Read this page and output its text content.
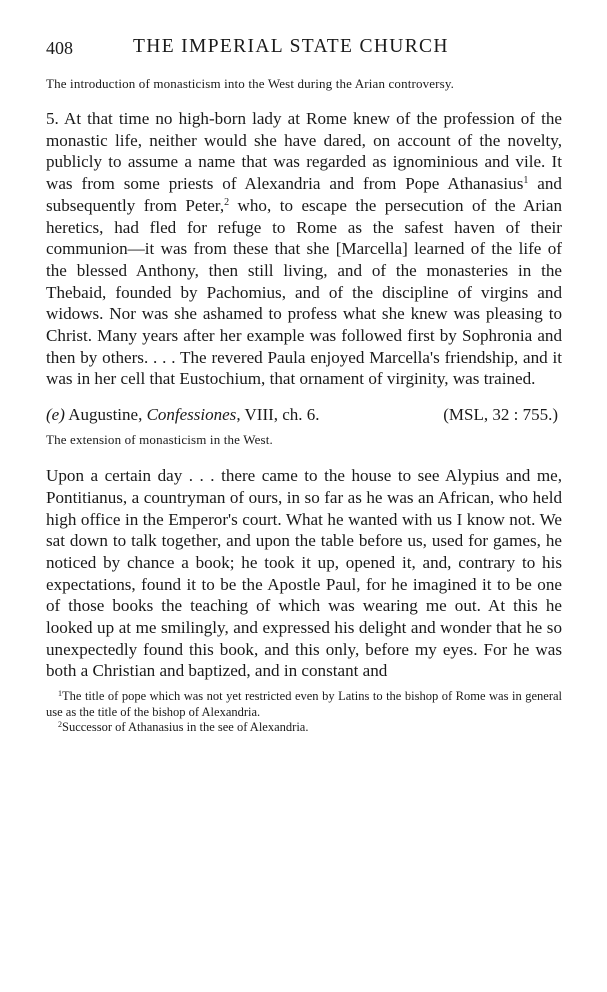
408	THE IMPERIAL STATE CHURCH
The introduction of monasticism into the West during the Arian controversy.

5. At that time no high-born lady at Rome knew of the profession of the monastic life, neither would she have dared, on account of the novelty, publicly to assume a name that was regarded as ignominious and vile. It was from some priests of Alexandria and from Pope Athanasius$^1$ and subsequently from Peter,$^2$ who, to escape the persecution of the Arian heretics, had fled for refuge to Rome as the safest haven of their communion—it was from these that she [Marcella] learned of the life of the blessed Anthony, then still living, and of the monasteries in the Thebaid, founded by Pachomius, and of the discipline of virgins and widows. Nor was she ashamed to profess what she knew was pleasing to Christ. Many years after her example was followed first by Sophronia and then by others. . . . The revered Paula enjoyed Marcella's friendship, and it was in her cell that Eustochium, that ornament of virginity, was trained.

(e) Augustine, Confessiones, VIII, ch. 6.	(MSL, 32 : 755.)
The extension of monasticism in the West.

Upon a certain day . . . there came to the house to see Alypius and me, Pontitianus, a countryman of ours, in so far as he was an African, who held high office in the Emperor's court. What he wanted with us I know not. We sat down to talk together, and upon the table before us, used for games, he noticed by chance a book; he took it up, opened it, and, contrary to his expectations, found it to be the Apostle Paul, for he imagined it to be one of those books the teaching of which was wearing me out. At this he looked up at me smilingly, and expressed his delight and wonder that he so unexpectedly found this book, and this only, before my eyes. For he was both a Christian and baptized, and in constant and

$^1$The title of pope which was not yet restricted even by Latins to the bishop of Rome was in general use as the title of the bishop of Alexandria.

$^2$Successor of Athanasius in the see of Alexandria.
